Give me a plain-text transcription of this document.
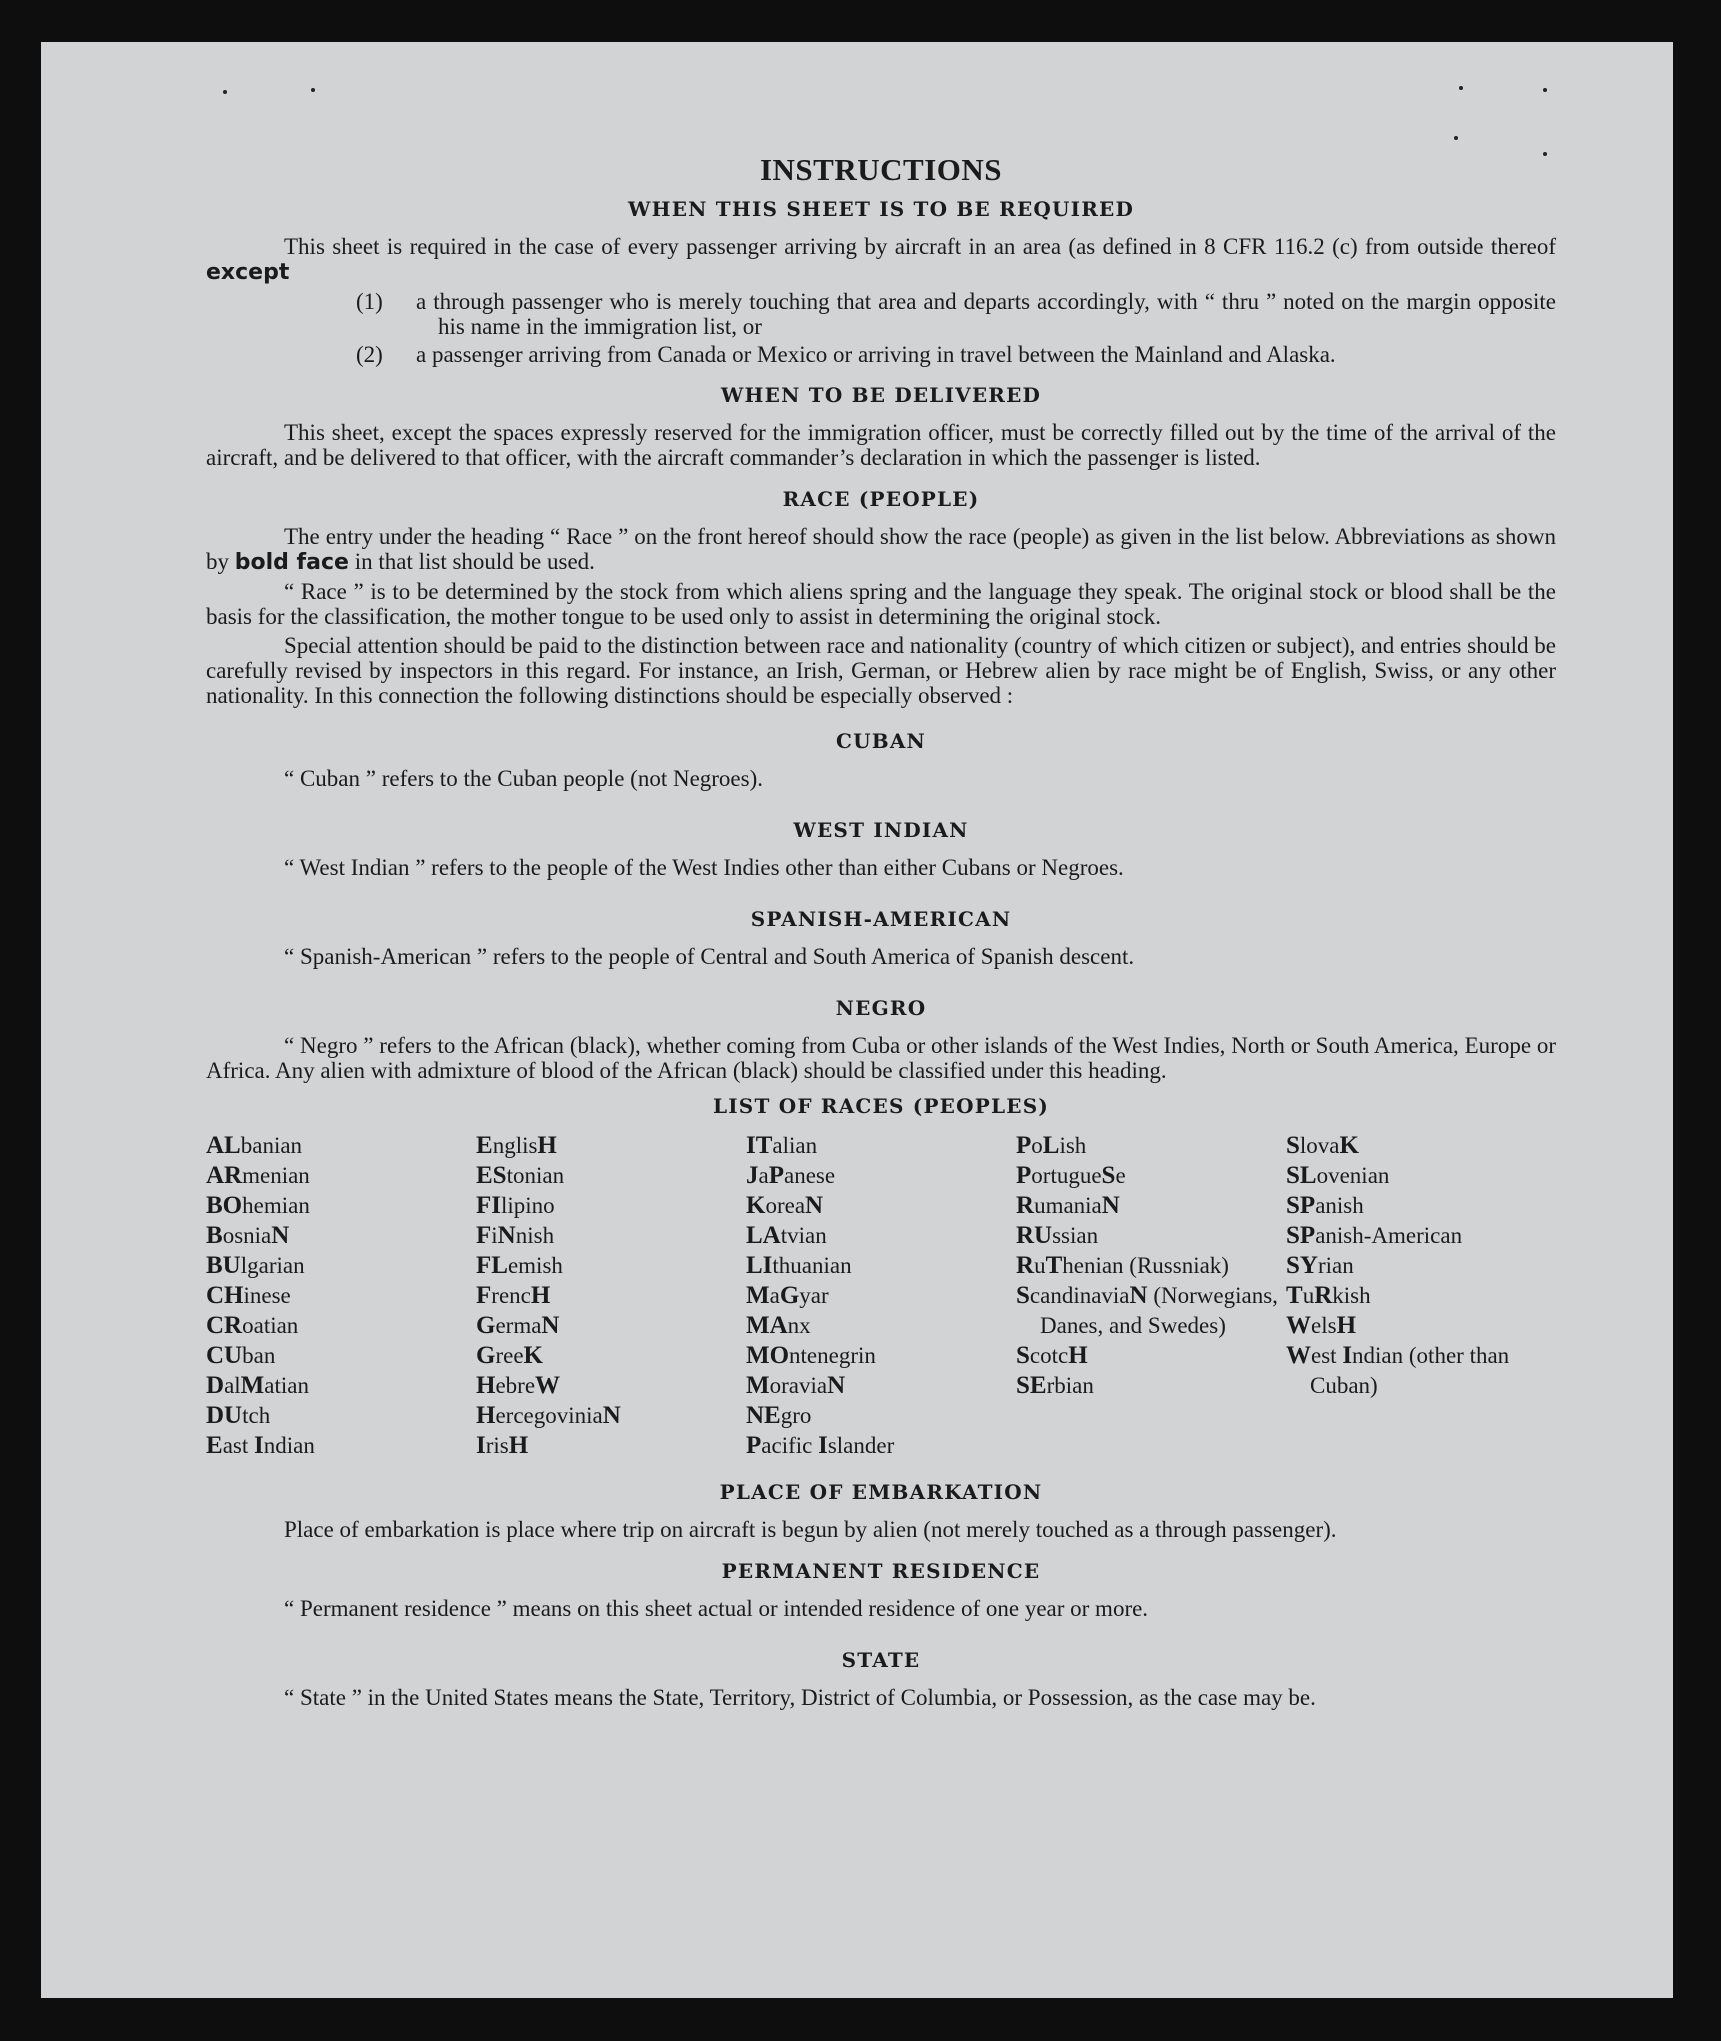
INSTRUCTIONS
WHEN THIS SHEET IS TO BE REQUIRED

This sheet is required in the case of every passenger arriving by aircraft in an area (as defined in 8 CFR 116.2 (c) from outside thereof except

(1) a through passenger who is merely touching that area and departs accordingly, with “ thru ” noted on the margin opposite his name in the immigration list, or
(2) a passenger arriving from Canada or Mexico or arriving in travel between the Mainland and Alaska.
WHEN TO BE DELIVERED

This sheet, except the spaces expressly reserved for the immigration officer, must be correctly filled out by the time of the arrival of the aircraft, and be delivered to that officer, with the aircraft commander’s declaration in which the passenger is listed.

RACE (PEOPLE)

The entry under the heading “ Race ” on the front hereof should show the race (people) as given in the list below. Abbreviations as shown by bold face in that list should be used.

“ Race ” is to be determined by the stock from which aliens spring and the language they speak. The original stock or blood shall be the basis for the classification, the mother tongue to be used only to assist in determining the original stock.

Special attention should be paid to the distinction between race and nationality (country of which citizen or subject), and entries should be carefully revised by inspectors in this regard. For instance, an Irish, German, or Hebrew alien by race might be of English, Swiss, or any other nationality. In this connection the following distinctions should be especially observed :

CUBAN

“ Cuban ” refers to the Cuban people (not Negroes).

WEST INDIAN

“ West Indian ” refers to the people of the West Indies other than either Cubans or Negroes.

SPANISH-AMERICAN

“ Spanish-American ” refers to the people of Central and South America of Spanish descent.

NEGRO

“ Negro ” refers to the African (black), whether coming from Cuba or other islands of the West Indies, North or South America, Europe or Africa. Any alien with admixture of blood of the African (black) should be classified under this heading.

LIST OF RACES (PEOPLES)
ALbanian
ARmenian
BOhemian
BosniaN
BUlgarian
CHinese
CRoatian
CUban
DalMatian
DUtch
East Indian
EnglisH
EStonian
FIlipino
FiNnish
FLemish
FrencH
GermaN
GreeK
HebreW
HercegoviniaN
IrisH
ITalian
JaPanese
KoreaN
LAtvian
LIthuanian
MaGyar
MAnx
MOntenegrin
MoraviaN
NEgro
Pacific Islander
PoLish
PortugueSe
RumaniaN
RUssian
RuThenian (Russniak)
ScandinaviaN (Norwegians, Danes, and Swedes)
ScotcH
SErbian
SlovaK
SLovenian
SPanish
SPanish-American
SYrian
TuRkish
WelsH
West Indian (other than Cuban)
PLACE OF EMBARKATION

Place of embarkation is place where trip on aircraft is begun by alien (not merely touched as a through passenger).

PERMANENT RESIDENCE

“ Permanent residence ” means on this sheet actual or intended residence of one year or more.

STATE

“ State ” in the United States means the State, Territory, District of Columbia, or Possession, as the case may be.
